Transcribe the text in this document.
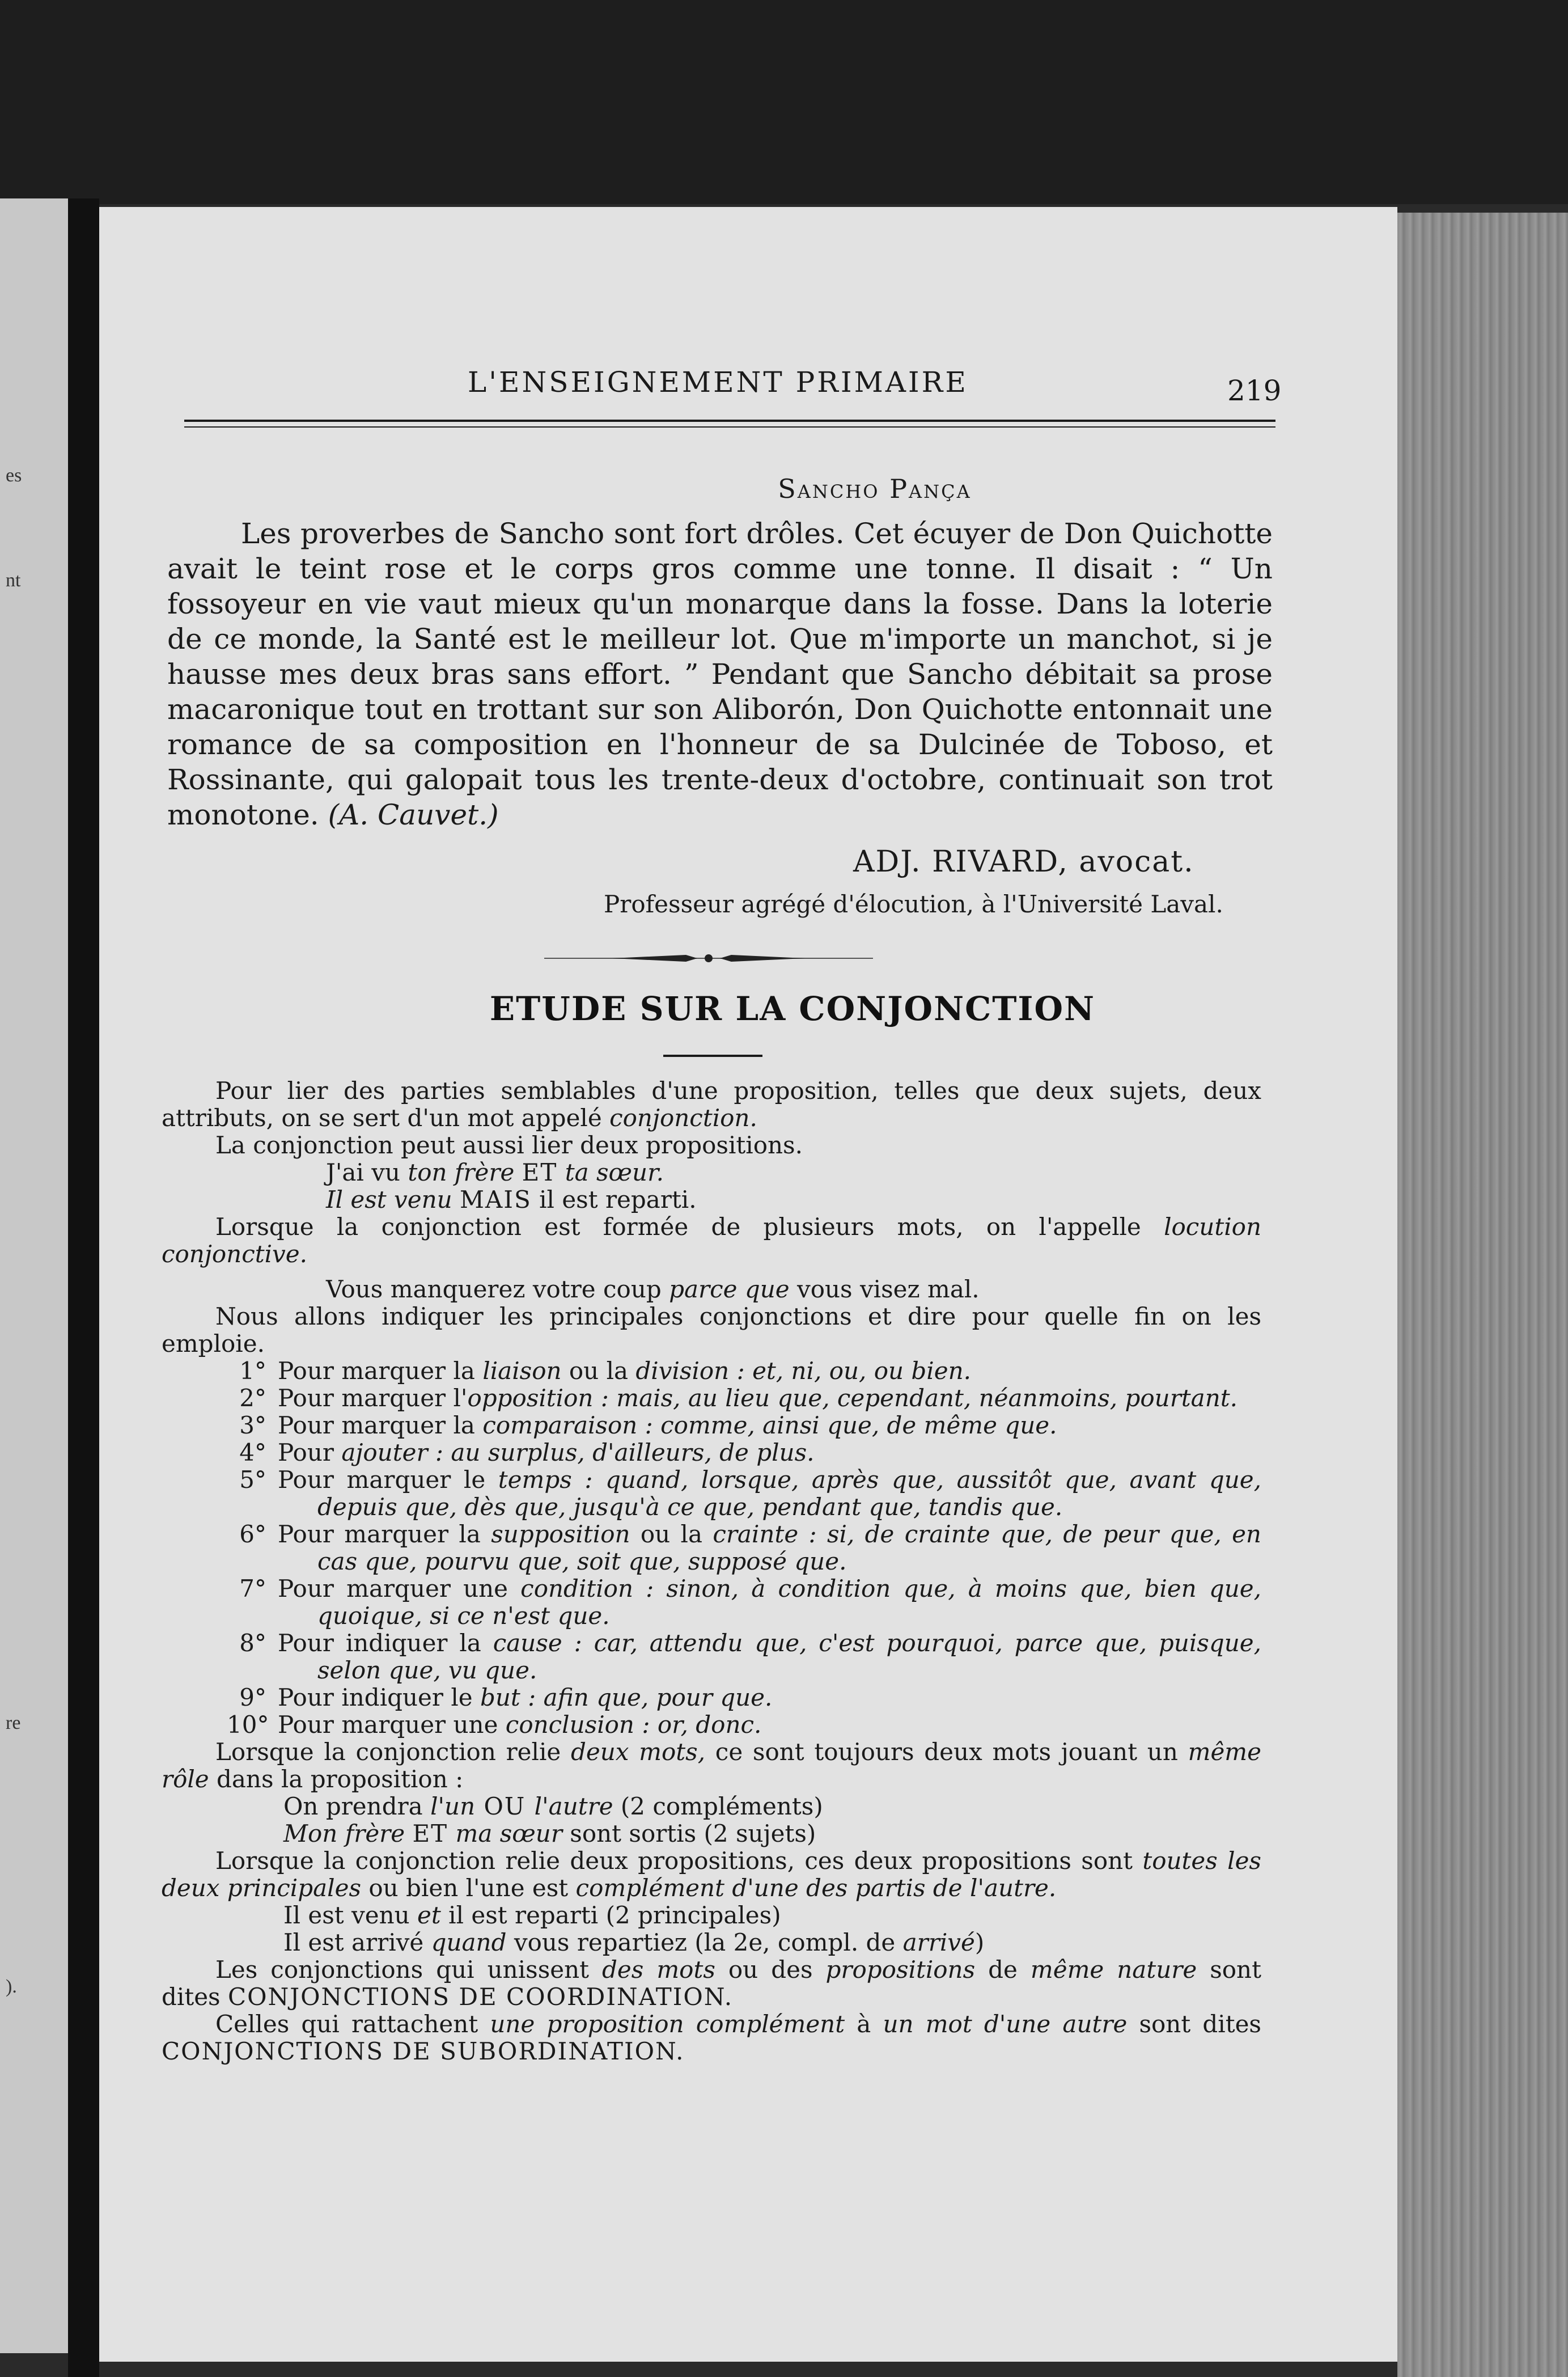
es
nt
re
).
L'ENSEIGNEMENT PRIMAIRE	219
Sancho Pança

Les proverbes de Sancho sont fort drôles. Cet écuyer de Don Quichotte avait le teint rose et le corps gros comme une tonne. Il disait : “ Un fossoyeur en vie vaut mieux qu'un monarque dans la fosse. Dans la loterie de ce monde, la Santé est le meilleur lot. Que m'importe un manchot, si je hausse mes deux bras sans effort. ” Pendant que Sancho débitait sa prose macaronique tout en trottant sur son Aliborón, Don Quichotte entonnait une romance de sa composition en l'honneur de sa Dulcinée de Toboso, et Rossinante, qui galopait tous les trente-deux d'octobre, continuait son trot monotone. (A. Cauvet.)

ADJ. RIVARD, avocat.
Professeur agrégé d'élocution, à l'Université Laval.
ETUDE SUR LA CONJONCTION

Pour lier des parties semblables d'une proposition, telles que deux sujets, deux attributs, on se sert d'un mot appelé conjonction.

La conjonction peut aussi lier deux propositions.

J'ai vu ton frère ET ta sœur.

Il est venu MAIS il est reparti.

Lorsque la conjonction est formée de plusieurs mots, on l'appelle locution conjonctive.

Vous manquerez votre coup parce que vous visez mal.

Nous allons indiquer les principales conjonctions et dire pour quelle fin on les emploie.

1° Pour marquer la liaison ou la division : et, ni, ou, ou bien.

2° Pour marquer l'opposition : mais, au lieu que, cependant, néanmoins, pourtant.

3° Pour marquer la comparaison : comme, ainsi que, de même que.

4° Pour ajouter : au surplus, d'ailleurs, de plus.

5° Pour marquer le temps : quand, lorsque, après que, aussitôt que, avant que, depuis que, dès que, jusqu'à ce que, pendant que, tandis que.

6° Pour marquer la supposition ou la crainte : si, de crainte que, de peur que, en cas que, pourvu que, soit que, supposé que.

7° Pour marquer une condition : sinon, à condition que, à moins que, bien que, quoique, si ce n'est que.

8° Pour indiquer la cause : car, attendu que, c'est pourquoi, parce que, puisque, selon que, vu que.

9° Pour indiquer le but : afin que, pour que.

10° Pour marquer une conclusion : or, donc.

Lorsque la conjonction relie deux mots, ce sont toujours deux mots jouant un même rôle dans la proposition :

On prendra l'un OU l'autre (2 compléments)

Mon frère ET ma sœur sont sortis (2 sujets)

Lorsque la conjonction relie deux propositions, ces deux propositions sont toutes les deux principales ou bien l'une est complément d'une des partis de l'autre.

Il est venu et il est reparti (2 principales)

Il est arrivé quand vous repartiez (la 2e, compl. de arrivé)

Les conjonctions qui unissent des mots ou des propositions de même nature sont dites CONJONCTIONS DE COORDINATION.

Celles qui rattachent une proposition complément à un mot d'une autre sont dites CONJONCTIONS DE SUBORDINATION.
